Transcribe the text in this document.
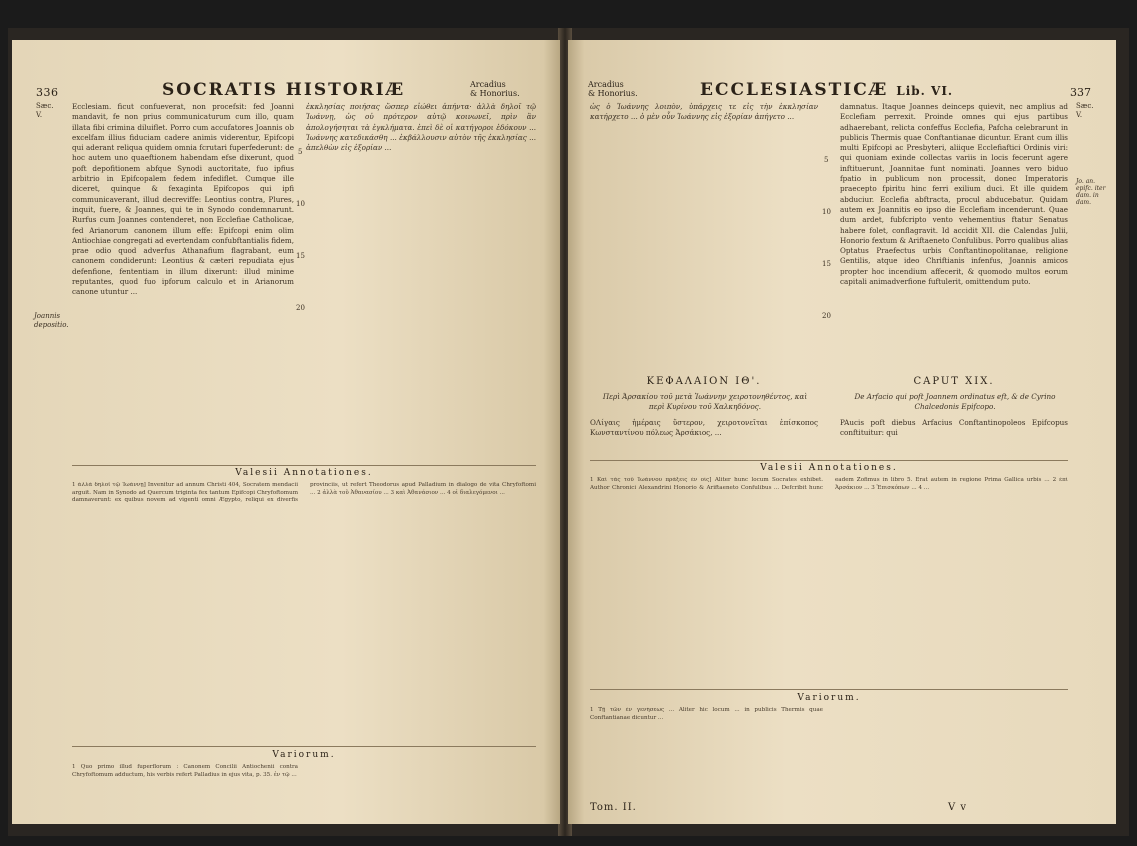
336	SOCRATIS HISTORIÆ	Arcadius
& Honorius.
Sæc.
V.
Joannis depositio.

Ecclesiam. ficut confueverat, non procefsit: fed Joanni mandavit, fe non prius communicaturum cum illo, quam illata fibi crimina diluiflet. Porro cum accufatores Joannis ob excelfam illius fiduciam cadere animis viderentur, Epifcopi qui aderant reliqua quidem omnia fcrutari fuperfederunt: de hoc autem uno quaeftionem habendam efse dixerunt, quod poft depofitionem abfque Synodi auctoritate, fuo ipfius arbitrio in Epifcopalem fedem infediflet. Cumque ille diceret, quinque & fexaginta Epifcopos qui ipfi communicaverant, illud decreviffe: Leontius contra, Plures, inquit, fuere, & Joannes, qui te in Synodo condemnarunt. Rurfus cum Joannes contenderet, non Ecclefiae Catholicae, fed Arianorum canonem illum effe: Epifcopi enim olim Antiochiae congregati ad evertendam confubftantialis fidem, prae odio quod adverfus Athanafium flagrabant, eum canonem condiderunt: Leontius & cæteri repudiata ejus defenfione, fententiam in illum dixerunt: illud minime reputantes, quod fuo ipforum calculo et in Arianorum canone utuntur ...

ἐκκλησίας ποιήσας ὥσπερ εἰώθει ἀπήντα· ἀλλὰ δηλοῖ τῷ Ἰωάννῃ, ὡς οὐ πρότερον αὐτῷ κοινωνεῖ, πρὶν ἂν ἀπολογήσηται τὰ ἐγκλήματα. ἐπεὶ δὲ οἱ κατήγοροι ἐδόκουν ... Ἰωάννης κατεδικάσθη ... ἐκβάλλουσιν αὐτὸν τῆς ἐκκλησίας ... ἀπελθὼν εἰς ἐξορίαν ...

5
10
15
20
Valesii Annotationes.
1 ἀλλὰ δηλοῖ τῷ Ἰωάννῃ] Invenitur ad annum Christi 404, Socratem mendacii arguit. Nam in Synodo ad Quercum triginta fex tantum Epifcopi Chryfoftomum damnaverunt: ex quibus novem ad vigenti omni Ægypto, reliqui ex diverfis provinciis, ut refert Theodorus apud Palladium in dialogo de vita Chryfoftomi ... 2 ἀλλὰ τοῦ Ἀθανασίου ... 3 καὶ Ἀθανάσιον ... 4 οἱ διαλεγόμενοι ...
Variorum.
1 Quo primo illud fuperflorum : Canonem Concilii Antiochenii contra Chryfoftomum adductum, his verbis refert Palladius in ejus vita, p. 35. ἐν τῷ ...
Arcadius
& Honorius.	ECCLESIASTICÆ Lib. VI.	337
Sæc.
V.
Jo. an. epifc. iter dam. in dam.

ὡς ὁ Ἰωάννης λοιπὸν, ὑπάρχεις τε εἰς τὴν ἐκκλησίαν κατήρχετο ... ὁ μὲν οὖν Ἰωάννης εἰς ἐξορίαν ἀπήγετο ...

damnatus. Itaque Joannes deinceps quievit, nec amplius ad Ecclefiam perrexit. Proinde omnes qui ejus partibus adhaerebant, relicta confeffus Ecclefia, Pafcha celebrarunt in publicis Thermis quae Conftantianae dicuntur. Erant cum illis multi Epifcopi ac Presbyteri, aliique Ecclefiaftici Ordinis viri: qui quoniam exinde collectas variis in locis fecerunt agere inftituerunt, Joannitae funt nominati. Joannes vero biduo fpatio in publicum non processit, donec Imperatoris praecepto fpiritu hinc ferri exilium duci. Et ille quidem abduciur. Ecclefia abftracta, procul abducebatur. Quidam autem ex Joannitis eo ipso die Ecclefiam incenderunt. Quae dum ardet, fubfcripto vento vehementius ftatur Senatus habere folet, conflagravit. Id accidit XII. die Calendas Julii, Honorio fextum & Ariftaeneto Confulibus. Porro qualibus alias Optatus Praefectus urbis Conftantinopolitanae, religione Gentilis, atque ideo Chriftianis infenfus, Joannis amicos propter hoc incendium affecerit, & quomodo multos eorum capitali animadverfione fuftulerit, omittendum puto.

5
10
15
20
ΚΕΦΑΛΑΙΟΝ ΙΘ'.	CAPUT XIX.
Περὶ Ἀρσακίου τοῦ μετὰ Ἰωάννην χειροτονηθέντος, καὶ περὶ Κυρίνου τοῦ Χαλκηδόνος.
De Arfacio qui poft Joannem ordinatus eft, & de Cyrino Chalcedonis Epifcopo.
ΟΛίγαις ἡμέραις ὕστερον, χειροτονεῖται ἐπίσκοπος Κωνσταντίνου πόλεως Ἀρσάκιος, ...
PAucis poft diebus Arfacius Conftantinopoleos Epifcopus conftituitur: qui
Valesii Annotationes.
1 Καὶ τὰς τοῦ Ἰωάννου πράξεις ἐν οἷς] Aliter hunc locum Socrates exhibet. Author Chronici Alexandrini Honorio & Ariftaeneto Confulibus ... Defcribit hunc eadem Zofimus in libro 5. Erat autem in regione Prima Gallica urbis ... 2 ἐπὶ Ἀρσάκιον ... 3 Ἐπισκόπων ... 4 ...
Variorum.
1 Τῇ τῶν ἐν γενήσεως ... Aliter hic locum ... in publicis Thermis quae Conftantianae dicuntur ...
Tom. II.	V v
